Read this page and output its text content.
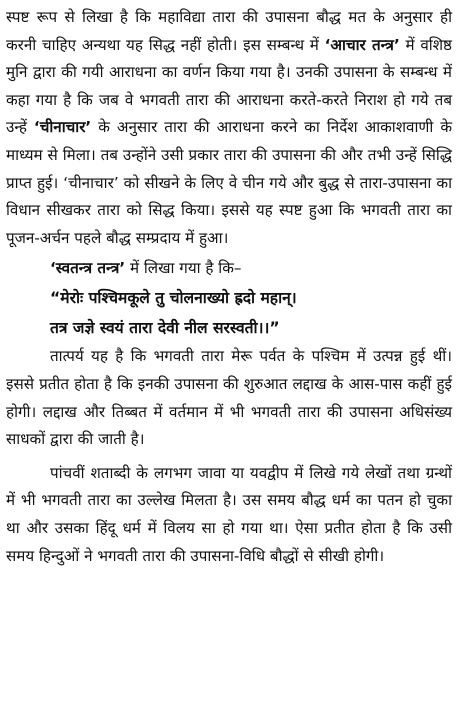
स्पष्ट रूप से लिखा है कि महाविद्या तारा की उपासना बौद्ध मत के अनुसार ही करनी चाहिए अन्यथा यह सिद्ध नहीं होती। इस सम्बन्ध में ‘आचार तन्त्र’ में वशिष्ठ मुनि द्वारा की गयी आराधना का वर्णन किया गया है। उनकी उपासना के सम्बन्ध में कहा गया है कि जब वे भगवती तारा की आराधना करते-करते निराश हो गये तब उन्हें ‘चीनाचार’ के अनुसार तारा की आराधना करने का निर्देश आकाशवाणी के माध्यम से मिला। तब उन्होंने उसी प्रकार तारा की उपासना की और तभी उन्हें सिद्धि प्राप्त हुई। ‘चीनाचार’ को सीखने के लिए वे चीन गये और बुद्ध से तारा-उपासना का विधान सीखकर तारा को सिद्ध किया। इससे यह स्पष्ट हुआ कि भगवती तारा का पूजन-अर्चन पहले बौद्ध सम्प्रदाय में हुआ।

‘स्वतन्त्र तन्त्र’ में लिखा गया है कि–

“मेरोः पश्चिमकूले तु चोलनाख्यो ह्रदो महान्।

तत्र जज्ञे स्वयं तारा देवी नील सरस्वती।।”

तात्पर्य यह है कि भगवती तारा मेरू पर्वत के पश्चिम में उत्पन्न हुई थीं। इससे प्रतीत होता है कि इनकी उपासना की शुरुआत लद्दाख के आस-पास कहीं हुई होगी। लद्दाख और तिब्बत में वर्तमान में भी भगवती तारा की उपासना अधिसंख्य साधकों द्वारा की जाती है।

पांचवीं शताब्दी के लगभग जावा या यवद्वीप में लिखे गये लेखों तथा ग्रन्थों में भी भगवती तारा का उल्लेख मिलता है। उस समय बौद्ध धर्म का पतन हो चुका था और उसका हिंदू धर्म में विलय सा हो गया था। ऐसा प्रतीत होता है कि उसी समय हिन्दुओं ने भगवती तारा की उपासना-विधि बौद्धों से सीखी होगी।
